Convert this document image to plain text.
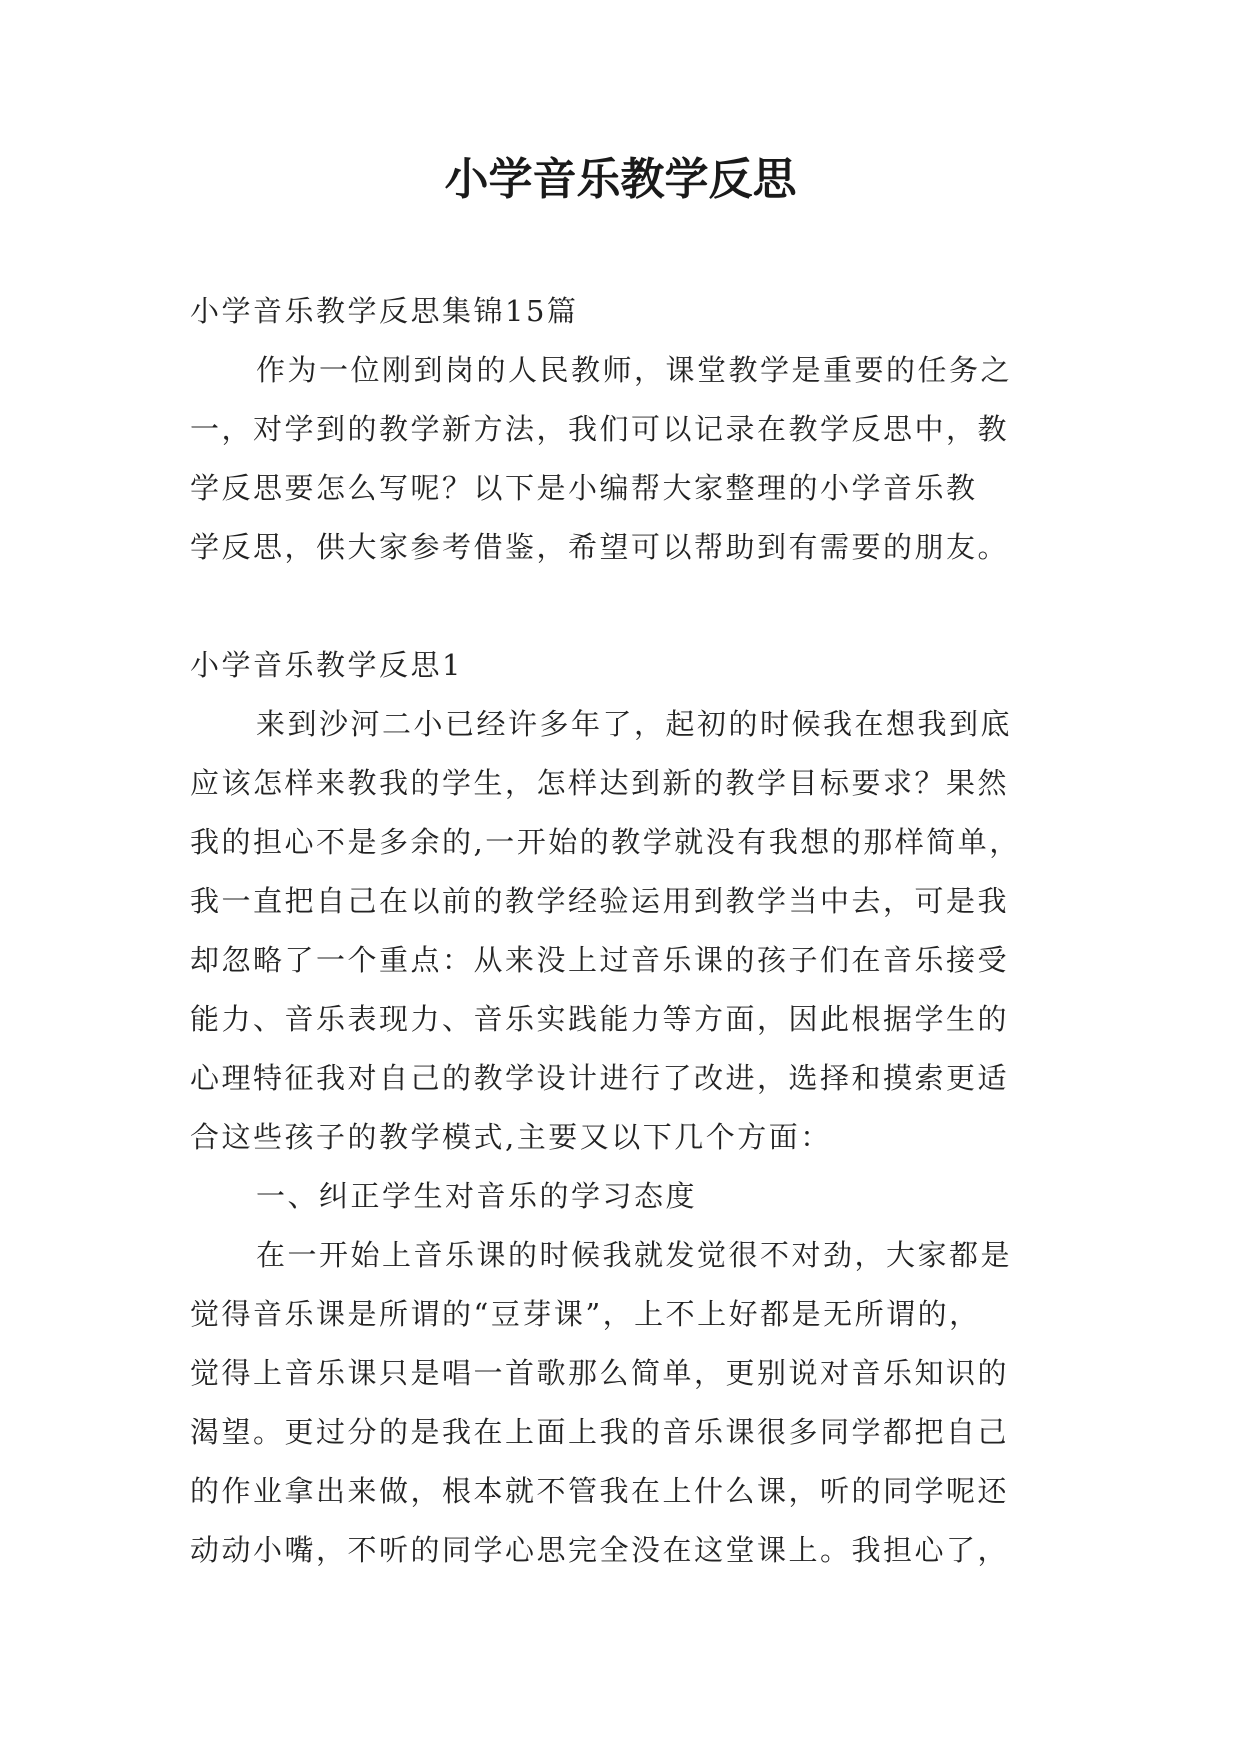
小学音乐教学反思
小学音乐教学反思集锦15篇
作为一位刚到岗的人民教师，课堂教学是重要的任务之
一，对学到的教学新方法，我们可以记录在教学反思中，教
学反思要怎么写呢？以下是小编帮大家整理的小学音乐教
学反思，供大家参考借鉴，希望可以帮助到有需要的朋友。
小学音乐教学反思1
来到沙河二小已经许多年了，起初的时候我在想我到底
应该怎样来教我的学生，怎样达到新的教学目标要求？果然
我的担心不是多余的,一开始的教学就没有我想的那样简单，
我一直把自己在以前的教学经验运用到教学当中去，可是我
却忽略了一个重点：从来没上过音乐课的孩子们在音乐接受
能力、音乐表现力、音乐实践能力等方面，因此根据学生的
心理特征我对自己的教学设计进行了改进，选择和摸索更适
合这些孩子的教学模式,主要又以下几个方面：
一、纠正学生对音乐的学习态度
在一开始上音乐课的时候我就发觉很不对劲，大家都是
觉得音乐课是所谓的“豆芽课”，上不上好都是无所谓的，
觉得上音乐课只是唱一首歌那么简单，更别说对音乐知识的
渴望。更过分的是我在上面上我的音乐课很多同学都把自己
的作业拿出来做，根本就不管我在上什么课，听的同学呢还
动动小嘴，不听的同学心思完全没在这堂课上。我担心了，
